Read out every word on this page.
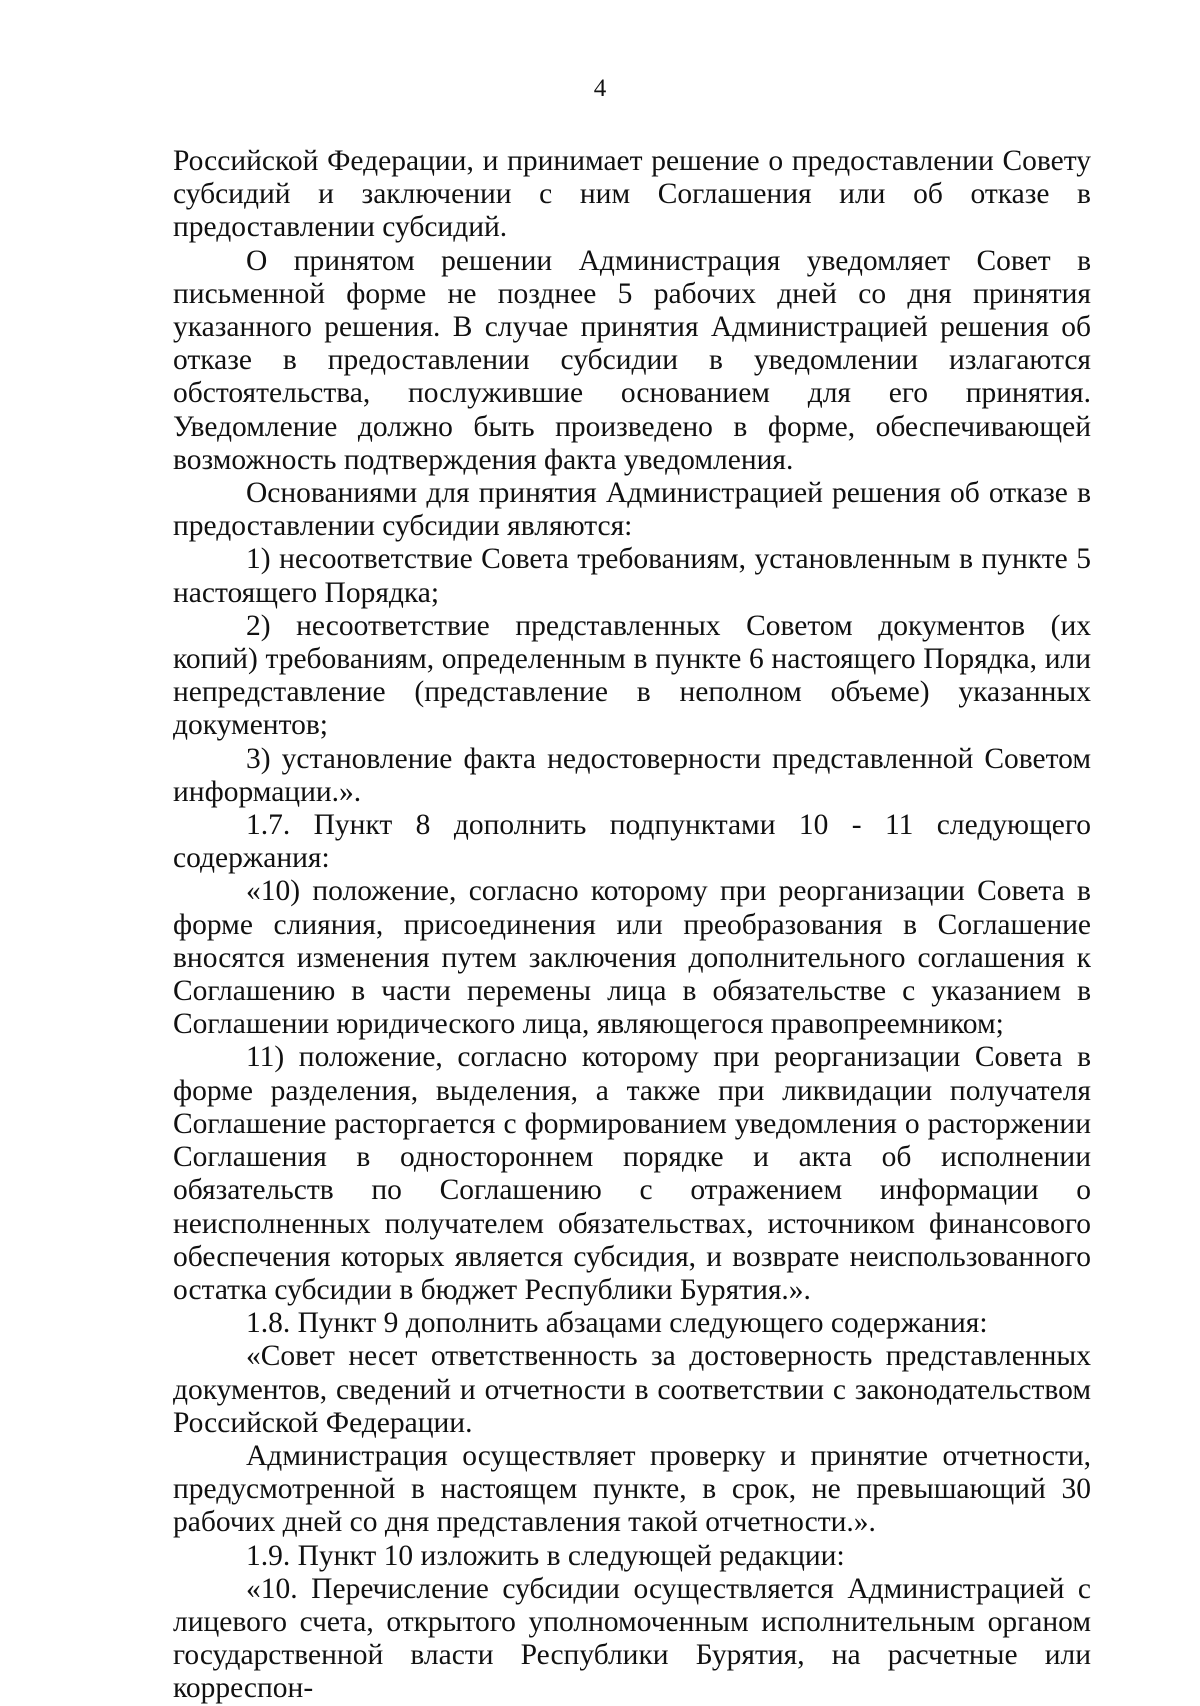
4

Российской Федерации, и принимает решение о предоставлении Совету субсидий и заключении с ним Соглашения или об отказе в предоставлении субсидий.

О принятом решении Администрация уведомляет Совет в письменной форме не позднее 5 рабочих дней со дня принятия указанного решения. В случае принятия Администрацией решения об отказе в предоставлении субсидии в уведомлении излагаются обстоятельства, послужившие основанием для его принятия. Уведомление должно быть произведено в форме, обеспечивающей возможность подтверждения факта уведомления.

Основаниями для принятия Администрацией решения об отказе в предоставлении субсидии являются:

1) несоответствие Совета требованиям, установленным в пункте 5 настоящего Порядка;

2) несоответствие представленных Советом документов (их копий) требованиям, определенным в пункте 6 настоящего Порядка, или непредставление (представление в неполном объеме) указанных документов;

3) установление факта недостоверности представленной Советом информации.».

1.7. Пункт 8 дополнить подпунктами 10 - 11 следующего содержания:

«10) положение, согласно которому при реорганизации Совета в форме слияния, присоединения или преобразования в Соглашение вносятся изменения путем заключения дополнительного соглашения к Соглашению в части перемены лица в обязательстве с указанием в Соглашении юридического лица, являющегося правопреемником;

11) положение, согласно которому при реорганизации Совета в форме разделения, выделения, а также при ликвидации получателя Соглашение расторгается с формированием уведомления о расторжении Соглашения в одностороннем порядке и акта об исполнении обязательств по Соглашению с отражением информации о неисполненных получателем обязательствах, источником финансового обеспечения которых является субсидия, и возврате неиспользованного остатка субсидии в бюджет Республики Бурятия.».

1.8. Пункт 9 дополнить абзацами следующего содержания:

«Совет несет ответственность за достоверность представленных документов, сведений и отчетности в соответствии с законодательством Российской Федерации.

Администрация осуществляет проверку и принятие отчетности, предусмотренной в настоящем пункте, в срок, не превышающий 30 рабочих дней со дня представления такой отчетности.».

1.9. Пункт 10 изложить в следующей редакции:

«10. Перечисление субсидии осуществляется Администрацией с лицевого счета, открытого уполномоченным исполнительным органом государственной власти Республики Бурятия, на расчетные или корреспон-
